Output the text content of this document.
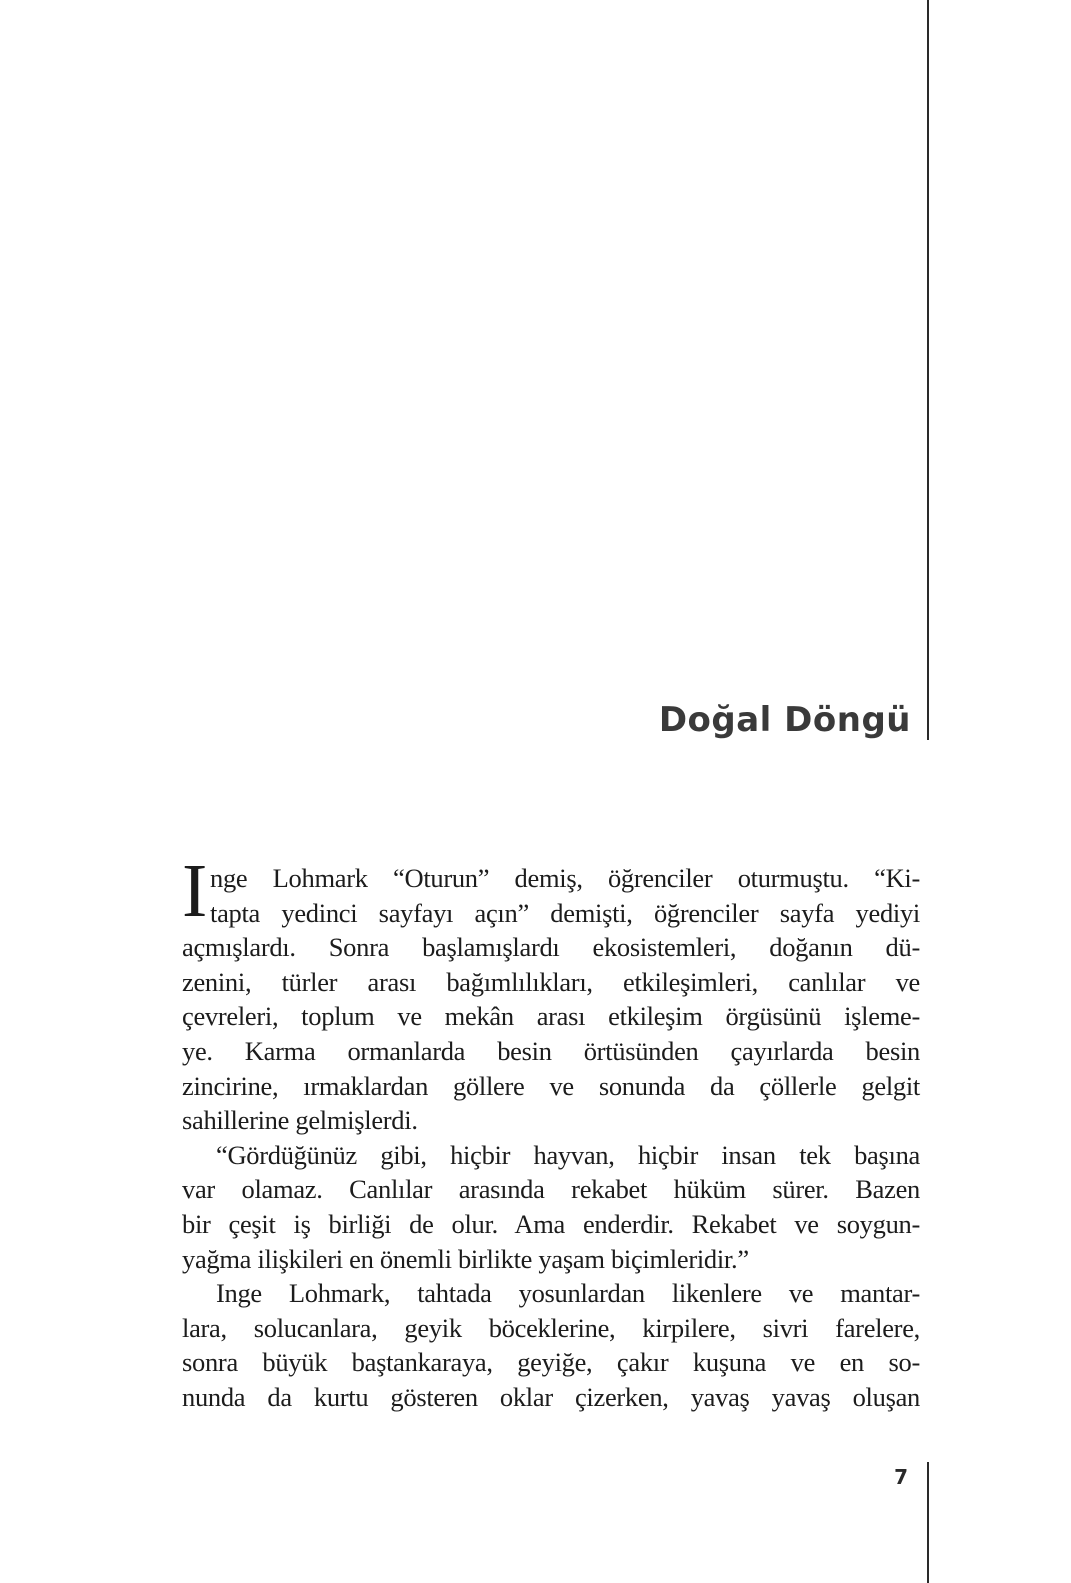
Doğal Döngü
I nge Lohmark “Oturun” demiş, öğrenciler oturmuştu. “Ki-
tapta yedinci sayfayı açın” demişti, öğrenciler sayfa yediyi
açmışlardı. Sonra başlamışlardı ekosistemleri, doğanın dü-
zenini, türler arası bağımlılıkları, etkileşimleri, canlılar ve
çevreleri, toplum ve mekân arası etkileşim örgüsünü işleme-
ye. Karma ormanlarda besin örtüsünden çayırlarda besin
zincirine, ırmaklardan göllere ve sonunda da çöllerle gelgit
sahillerine gelmişlerdi.
“Gördüğünüz gibi, hiçbir hayvan, hiçbir insan tek başına
var olamaz. Canlılar arasında rekabet hüküm sürer. Bazen
bir çeşit iş birliği de olur. Ama enderdir. Rekabet ve soygun-
yağma ilişkileri en önemli birlikte yaşam biçimleridir.”
Inge Lohmark, tahtada yosunlardan likenlere ve mantar-
lara, solucanlara, geyik böceklerine, kirpilere, sivri farelere,
sonra büyük baştankaraya, geyiğe, çakır kuşuna ve en so-
nunda da kurtu gösteren oklar çizerken, yavaş yavaş oluşan
7
